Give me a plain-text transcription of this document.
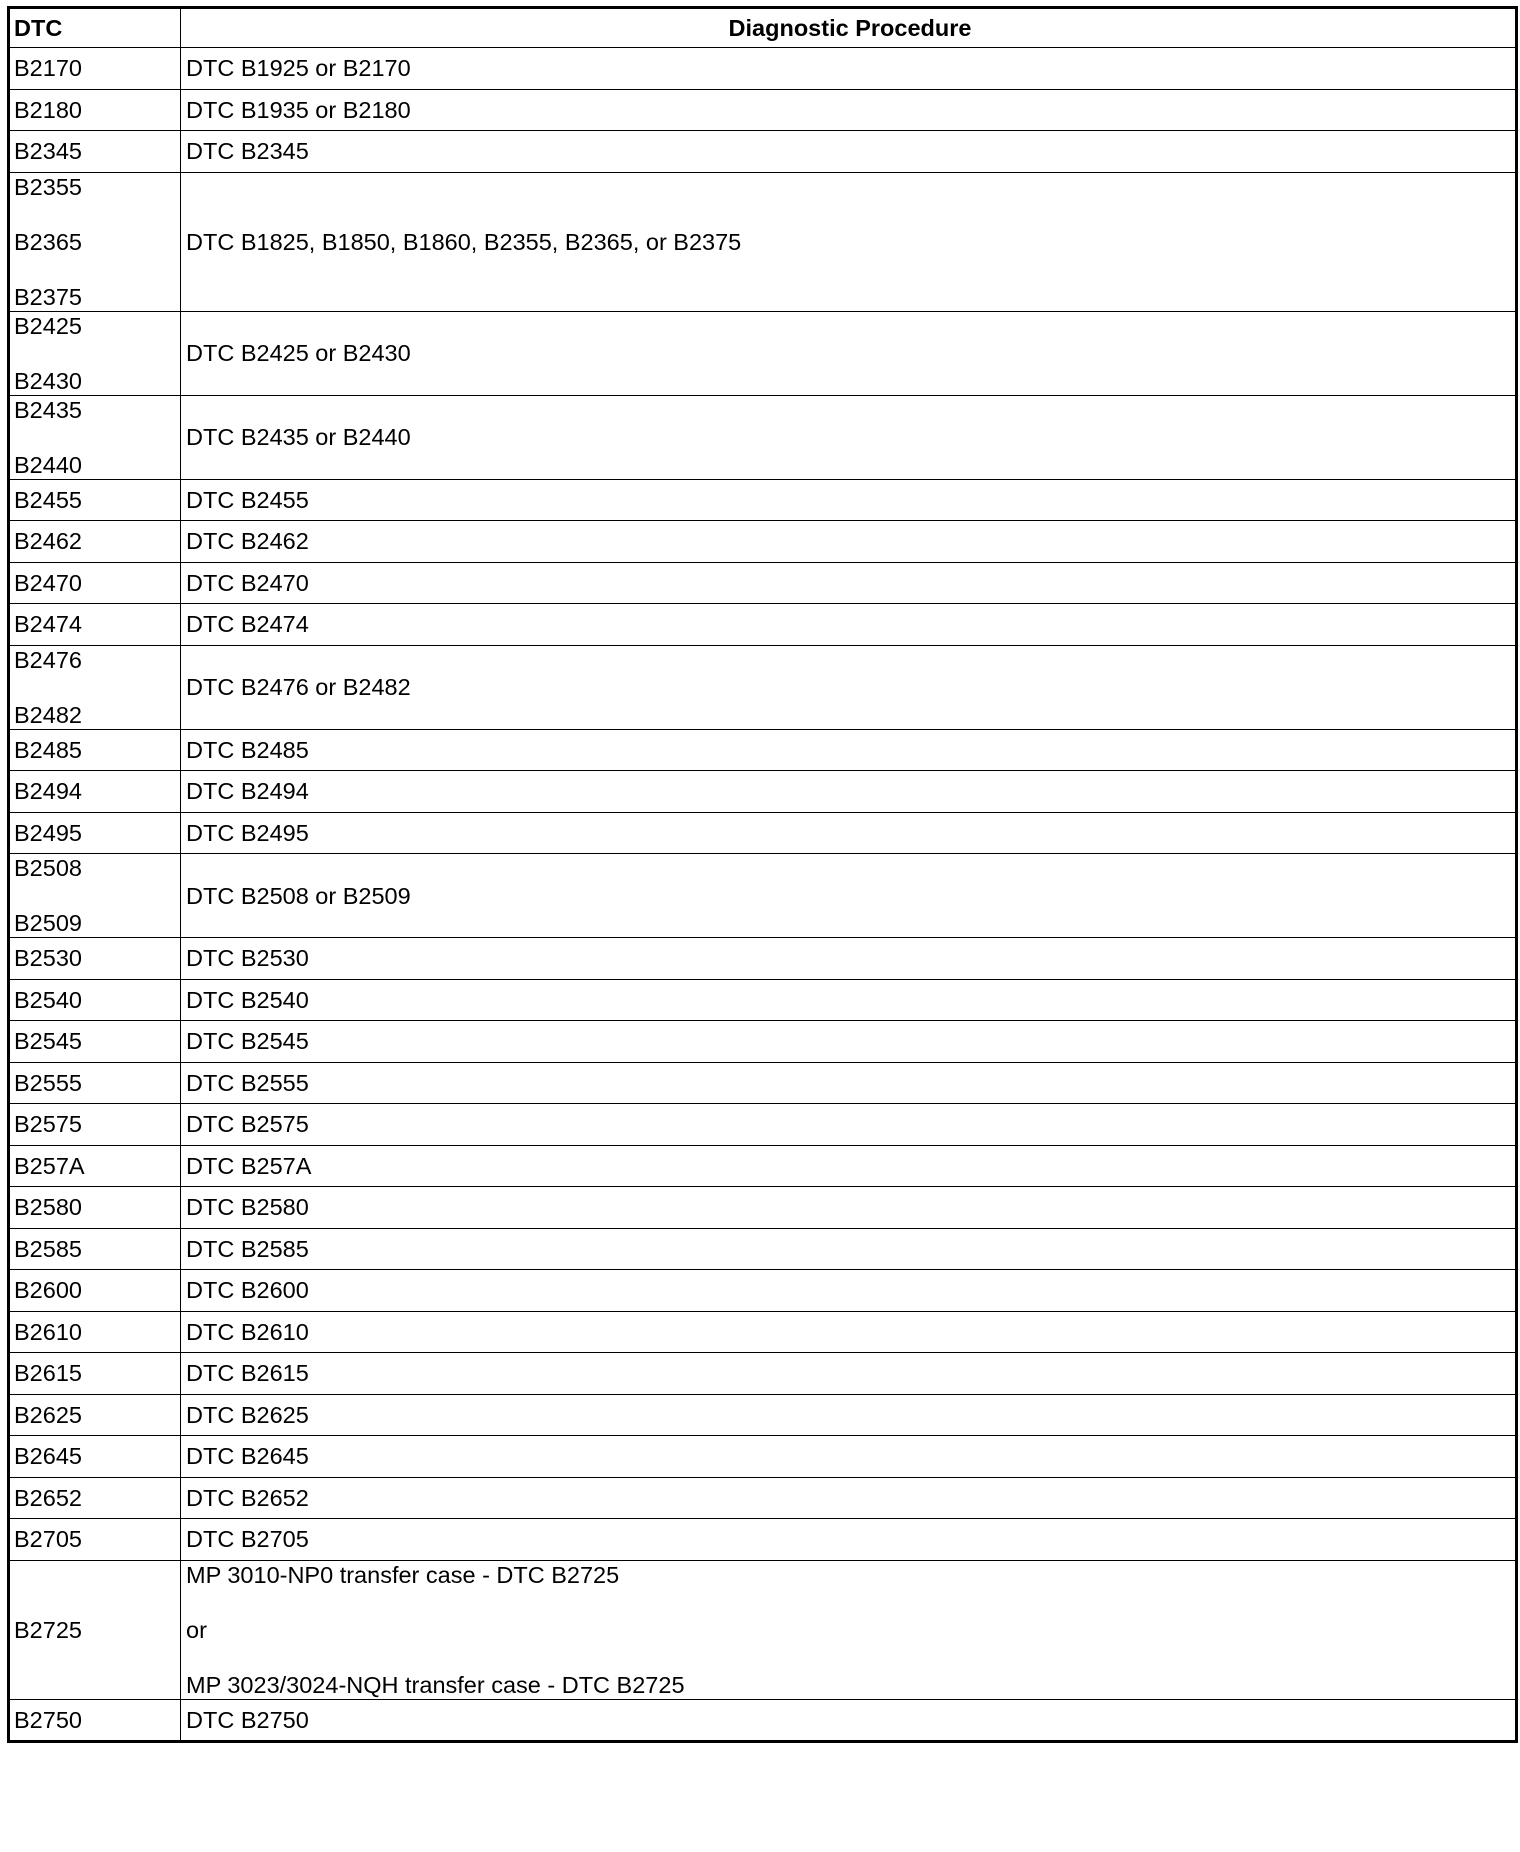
DTC	Diagnostic Procedure

B2170	DTC B1925 or B2170

B2180	DTC B1935 or B2180

B2345	DTC B2345

B2355
B2365
B2375	DTC B1825, B1850, B1860, B2355, B2365, or B2375

B2425
B2430	DTC B2425 or B2430

B2435
B2440	DTC B2435 or B2440

B2455	DTC B2455

B2462	DTC B2462

B2470	DTC B2470

B2474	DTC B2474

B2476
B2482	DTC B2476 or B2482

B2485	DTC B2485

B2494	DTC B2494

B2495	DTC B2495

B2508
B2509	DTC B2508 or B2509

B2530	DTC B2530

B2540	DTC B2540

B2545	DTC B2545

B2555	DTC B2555

B2575	DTC B2575

B257A	DTC B257A

B2580	DTC B2580

B2585	DTC B2585

B2600	DTC B2600

B2610	DTC B2610

B2615	DTC B2615

B2625	DTC B2625

B2645	DTC B2645

B2652	DTC B2652

B2705	DTC B2705

B2725	MP 3010-NP0 transfer case - DTC B2725
or
MP 3023/3024-NQH transfer case - DTC B2725

B2750	DTC B2750
